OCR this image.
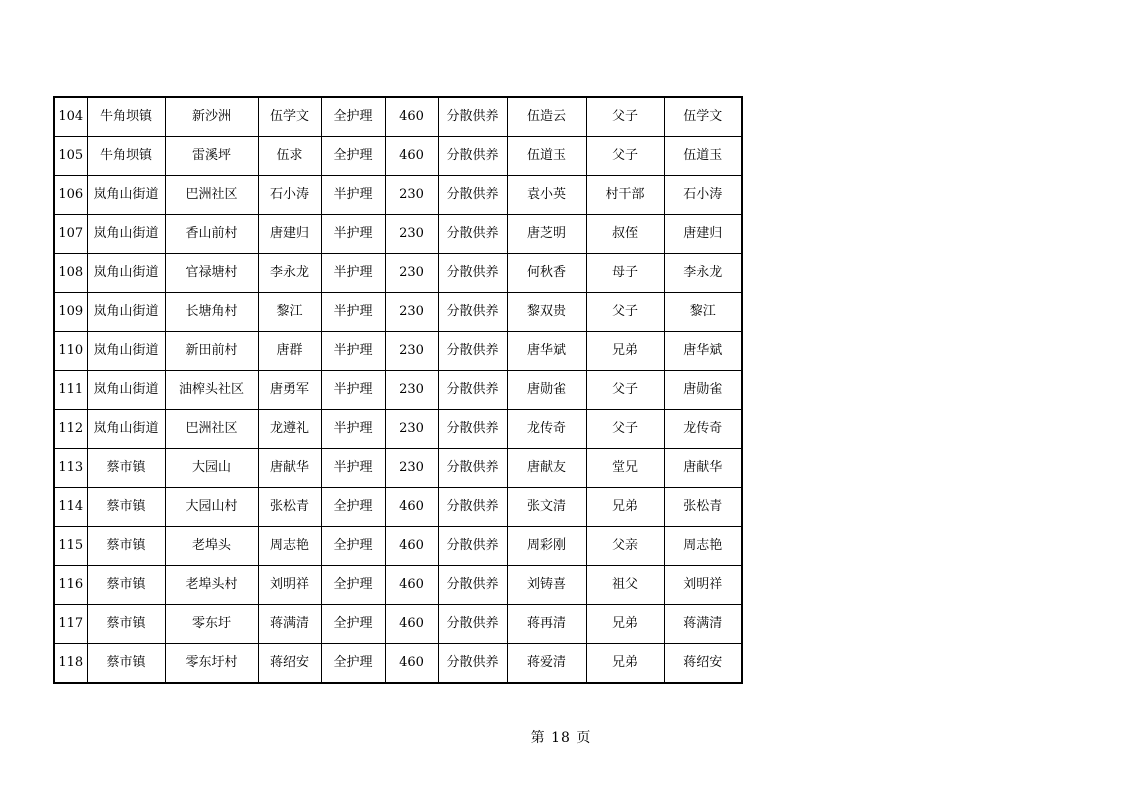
104	牛角坝镇	新沙洲	伍学文	全护理	460	分散供养	伍造云	父子	伍学文
105	牛角坝镇	雷溪坪	伍求	全护理	460	分散供养	伍道玉	父子	伍道玉
106	岚角山街道	巴洲社区	石小涛	半护理	230	分散供养	袁小英	村干部	石小涛
107	岚角山街道	香山前村	唐建归	半护理	230	分散供养	唐芝明	叔侄	唐建归
108	岚角山街道	官禄塘村	李永龙	半护理	230	分散供养	何秋香	母子	李永龙
109	岚角山街道	长塘角村	黎江	半护理	230	分散供养	黎双贵	父子	黎江
110	岚角山街道	新田前村	唐群	半护理	230	分散供养	唐华斌	兄弟	唐华斌
111	岚角山街道	油榨头社区	唐勇军	半护理	230	分散供养	唐勋雀	父子	唐勋雀
112	岚角山街道	巴洲社区	龙遵礼	半护理	230	分散供养	龙传奇	父子	龙传奇
113	蔡市镇	大园山	唐献华	半护理	230	分散供养	唐献友	堂兄	唐献华
114	蔡市镇	大园山村	张松青	全护理	460	分散供养	张文清	兄弟	张松青
115	蔡市镇	老埠头	周志艳	全护理	460	分散供养	周彩刚	父亲	周志艳
116	蔡市镇	老埠头村	刘明祥	全护理	460	分散供养	刘铸喜	祖父	刘明祥
117	蔡市镇	零东圩	蒋满清	全护理	460	分散供养	蒋再清	兄弟	蒋满清
118	蔡市镇	零东圩村	蒋绍安	全护理	460	分散供养	蒋爱清	兄弟	蒋绍安
第 18 页
